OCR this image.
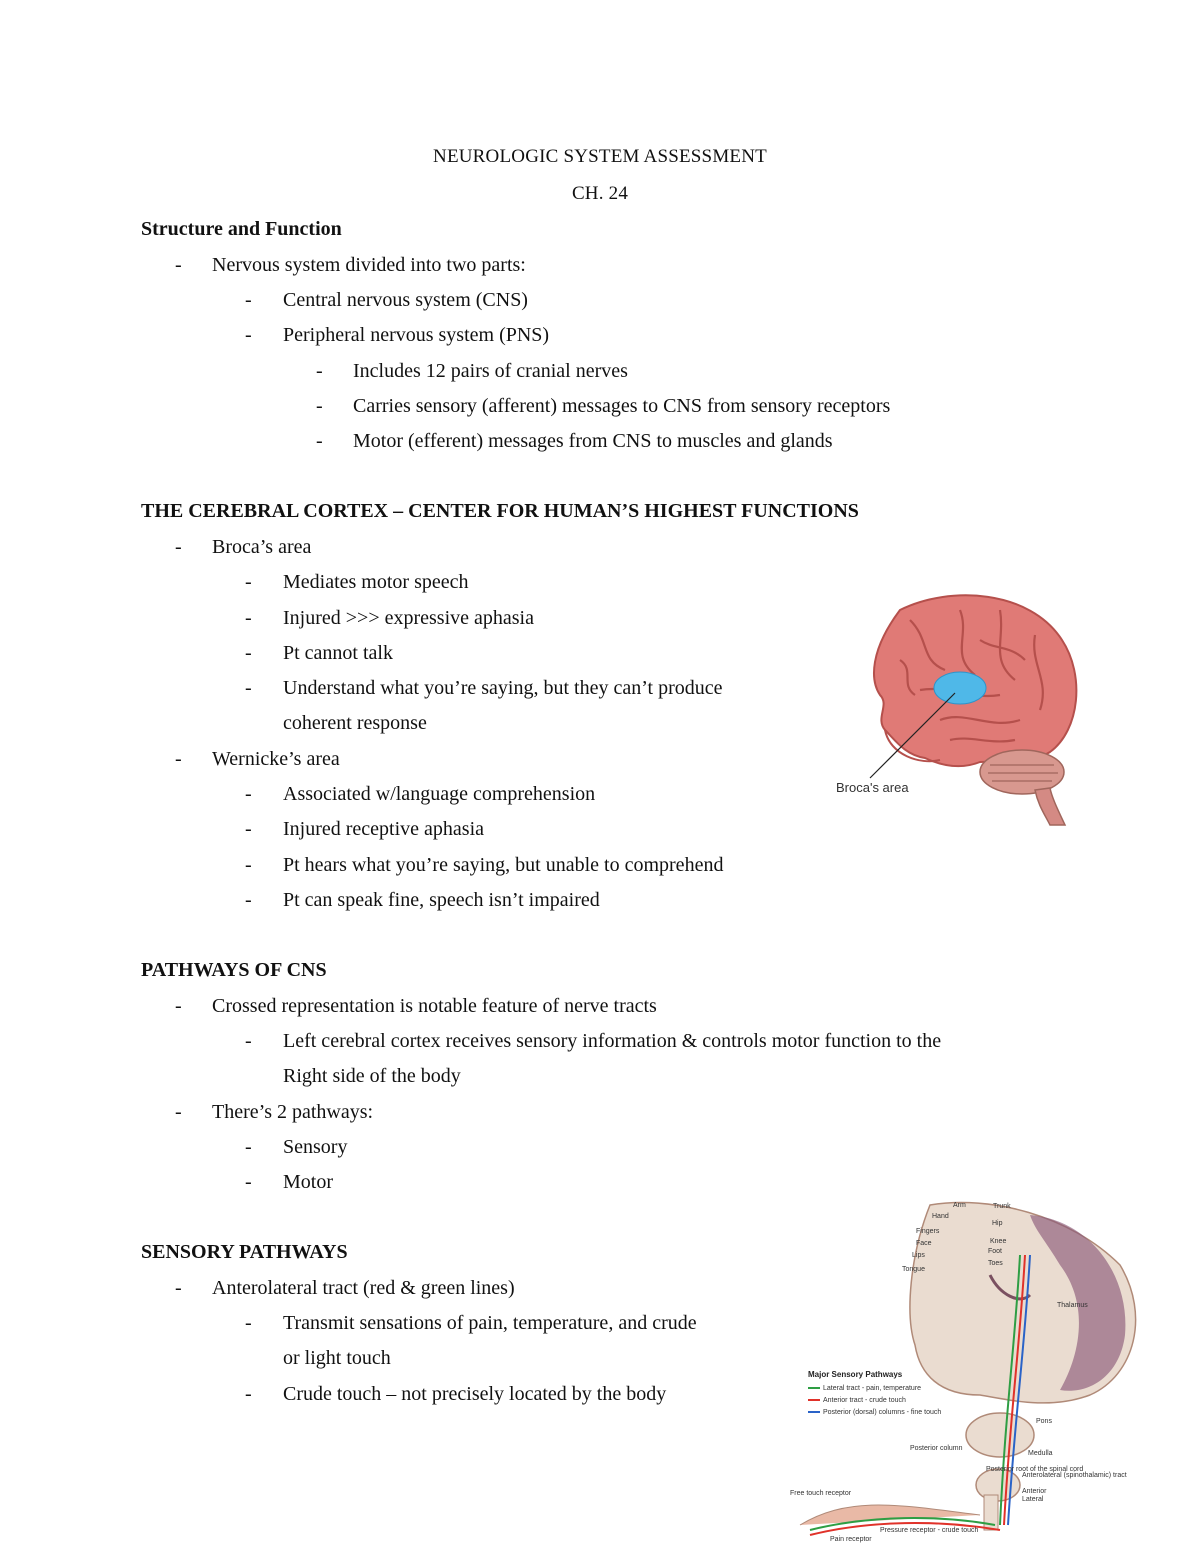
NEUROLOGIC SYSTEM ASSESSMENT
CH. 24
Structure and Function
- Nervous system divided into two parts:
- Central nervous system (CNS)
- Peripheral nervous system (PNS)
- Includes 12 pairs of cranial nerves
- Carries sensory (afferent) messages to CNS from sensory receptors
- Motor (efferent) messages from CNS to muscles and glands
THE CEREBRAL CORTEX – CENTER FOR HUMAN’S HIGHEST FUNCTIONS
- Broca’s area
- Mediates motor speech
- Injured >>> expressive aphasia
- Pt cannot talk
- Understand what you’re saying, but they can’t produce
coherent response
- Wernicke’s area
- Associated w/language comprehension
- Injured receptive aphasia
- Pt hears what you’re saying, but unable to comprehend
- Pt can speak fine, speech isn’t impaired
PATHWAYS OF CNS
- Crossed representation is notable feature of nerve tracts
- Left cerebral cortex receives sensory information & controls motor function to the
Right side of the body
- There’s 2 pathways:
- Sensory
- Motor
SENSORY PATHWAYS
- Anterolateral tract (red & green lines)
- Transmit sensations of pain, temperature, and crude
or light touch
- Crude touch – not precisely located by the body
Broca's area
Arm	Trunk
Hand
Hip
Fingers
Knee
Face
Foot
Lips
Toes
Tongue
Thalamus
Pons
Medulla
Posterior column
Anterolateral (spinothalamic) tract
Anterior
Lateral
Posterior root of the spinal cord
Free touch receptor
Pain receptor
Pressure receptor - crude touch
Major Sensory Pathways
Lateral tract - pain, temperature
Anterior tract - crude touch
Posterior (dorsal) columns - fine touch
